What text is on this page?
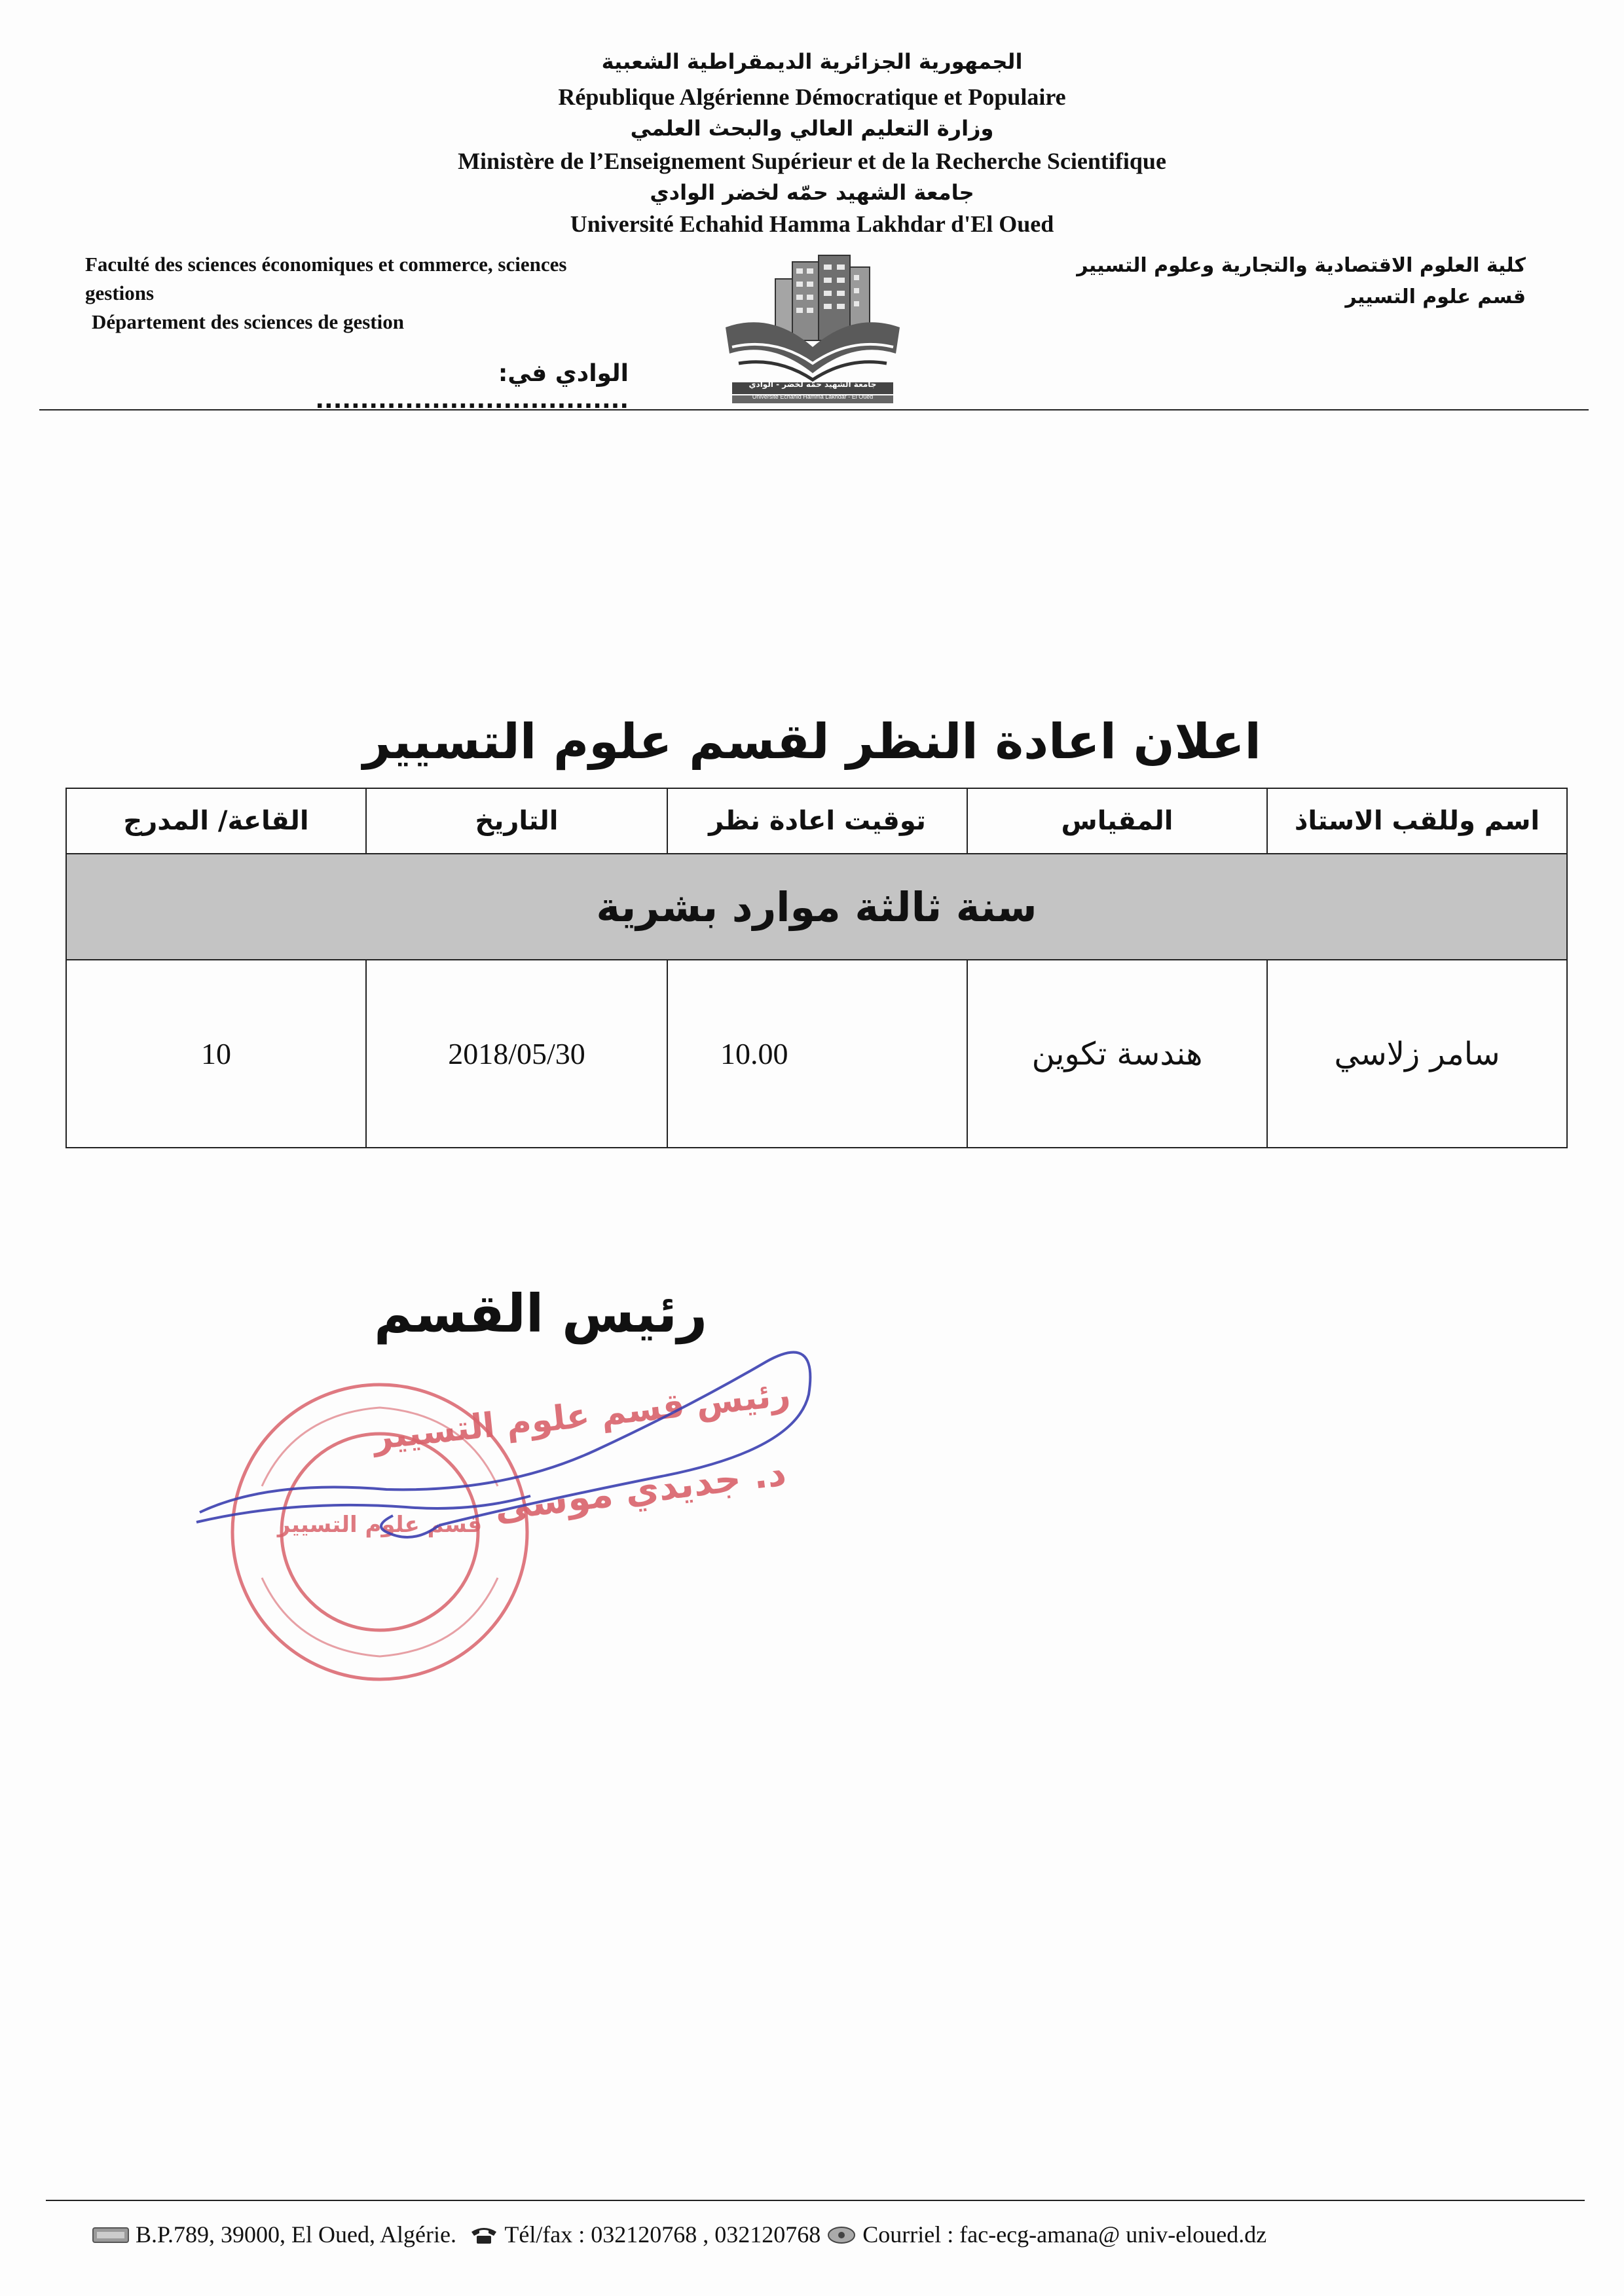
الجمهورية الجزائرية الديمقراطية الشعبية
République Algérienne Démocratique et Populaire
وزارة التعليم العالي والبحث العلمي
Ministère de l’Enseignement Supérieur et de la Recherche Scientifique
جامعة الشهيد حمّه لخضر الوادي
Université Echahid Hamma Lakhdar d'El Oued
Faculté des sciences économiques et commerce, sciences
gestions
Département des sciences de gestion
كلية العلوم الاقتصادية والتجارية وعلوم التسيير
قسم علوم التسيير
الوادي في: ...................................
جامعة الشهيد حمّه لخضر - الوادي
Université Echahid Hamma Lakhdar - El Oued
اعلان اعادة النظر لقسم علوم التسيير
اسم وللقب الاستاذ	المقياس	توقيت اعادة نظر	التاريخ	القاعة/ المدرج
سنة ثالثة موارد بشرية				
سامر زلاسي	هندسة تكوين	10.00	2018/05/30	10
رئيس القسم
قسم علوم التسيير
رئيس قسم علوم التسيير
د. جديدي موسى
B.P.789, 39000, El Oued, Algérie. Tél/fax : 032120768 , 032120768 Courriel : fac-ecg-amana@ univ-eloued.dz
